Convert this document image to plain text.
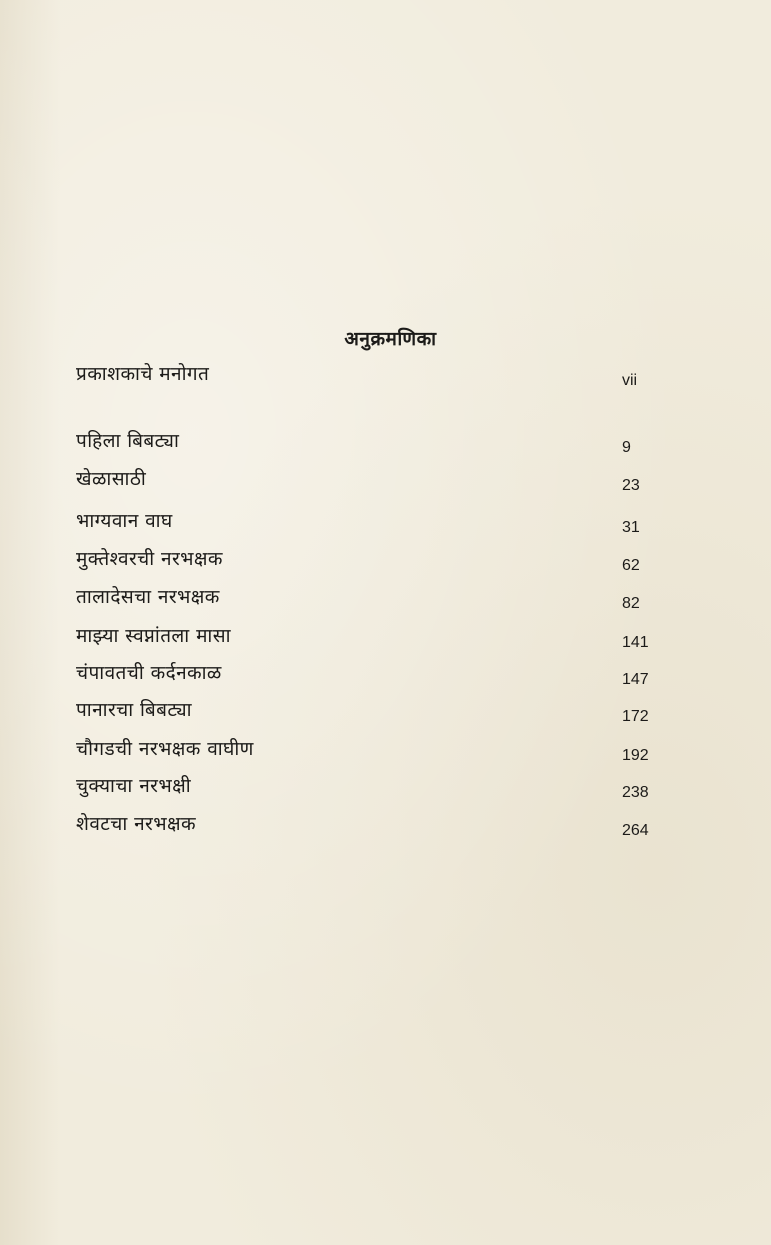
अनुक्रमणिका
प्रकाशकाचे मनोगत	vii
पहिला बिबट्या	9
खेळासाठी	23
भाग्यवान वाघ	31
मुक्तेश्वरची नरभक्षक	62
तालादेसचा नरभक्षक	82
माझ्या स्वप्नांतला मासा	141
चंपावतची कर्दनकाळ	147
पानारचा बिबट्या	172
चौगडची नरभक्षक वाघीण	192
चुक्याचा नरभक्षी	238
शेवटचा नरभक्षक	264
